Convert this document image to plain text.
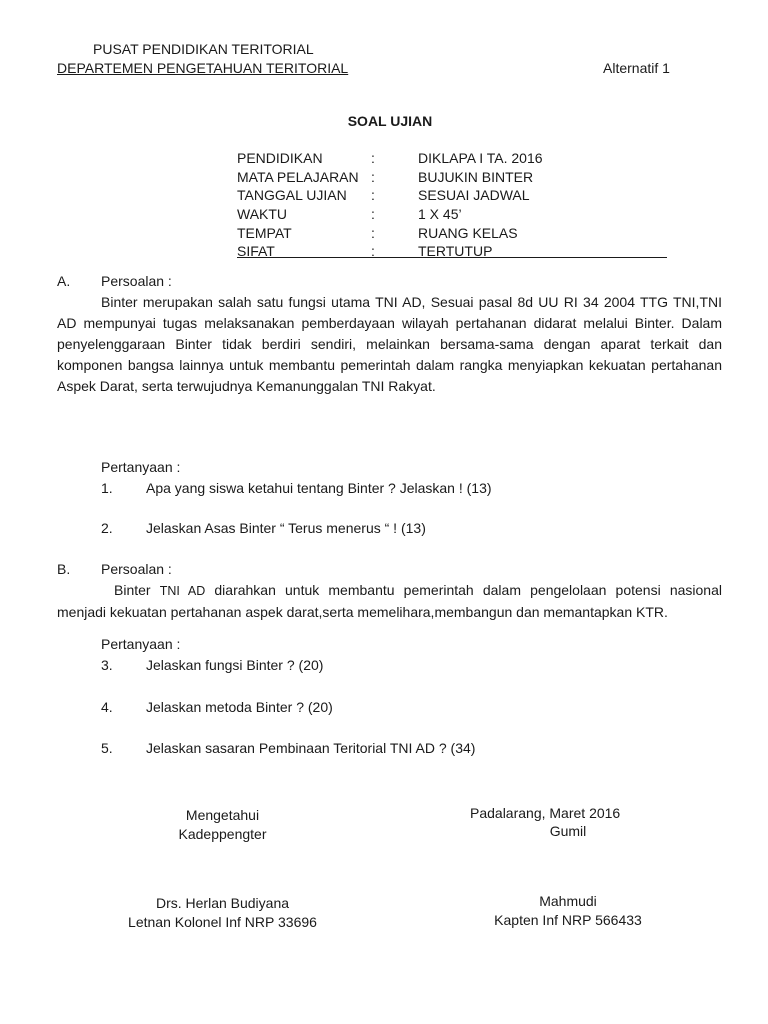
PUSAT PENDIDIKAN TERITORIAL
DEPARTEMEN PENGETAHUAN TERITORIAL	Alternatif 1
SOAL UJIAN
PENDIDIKAN	:	DIKLAPA I TA. 2016
MATA PELAJARAN :	BUJUKIN BINTER
TANGGAL UJIAN :	SESUAI JADWAL
WAKTU	:	1 X 45’
TEMPAT	:	RUANG KELAS
SIFAT	:	TERTUTUP
A. Persoalan :

Binter merupakan salah satu fungsi utama TNI AD, Sesuai pasal 8d UU RI 34 2004 TTG TNI,TNI AD mempunyai tugas melaksanakan pemberdayaan wilayah pertahanan didarat melalui Binter. Dalam penyelenggaraan Binter tidak berdiri sendiri, melainkan bersama-sama dengan aparat terkait dan komponen bangsa lainnya untuk membantu pemerintah dalam rangka menyiapkan kekuatan pertahanan Aspek Darat, serta terwujudnya Kemanunggalan TNI Rakyat.

Pertanyaan :
1. Apa yang siswa ketahui tentang Binter ? Jelaskan ! (13)
2. Jelaskan Asas Binter “ Terus menerus “ ! (13)
B. Persoalan :

Binter TNI AD diarahkan untuk membantu pemerintah dalam pengelolaan potensi nasional menjadi kekuatan pertahanan aspek darat,serta memelihara,membangun dan memantapkan KTR.

Pertanyaan :
3. Jelaskan fungsi Binter ? (20)
4. Jelaskan metoda Binter ? (20)
5. Jelaskan sasaran Pembinaan Teritorial TNI AD ? (34)
Mengetahui
Kadeppengter
Drs. Herlan Budiyana
Letnan Kolonel Inf NRP 33696
Padalarang, Maret 2016
Gumil
Mahmudi
Kapten Inf NRP 566433
